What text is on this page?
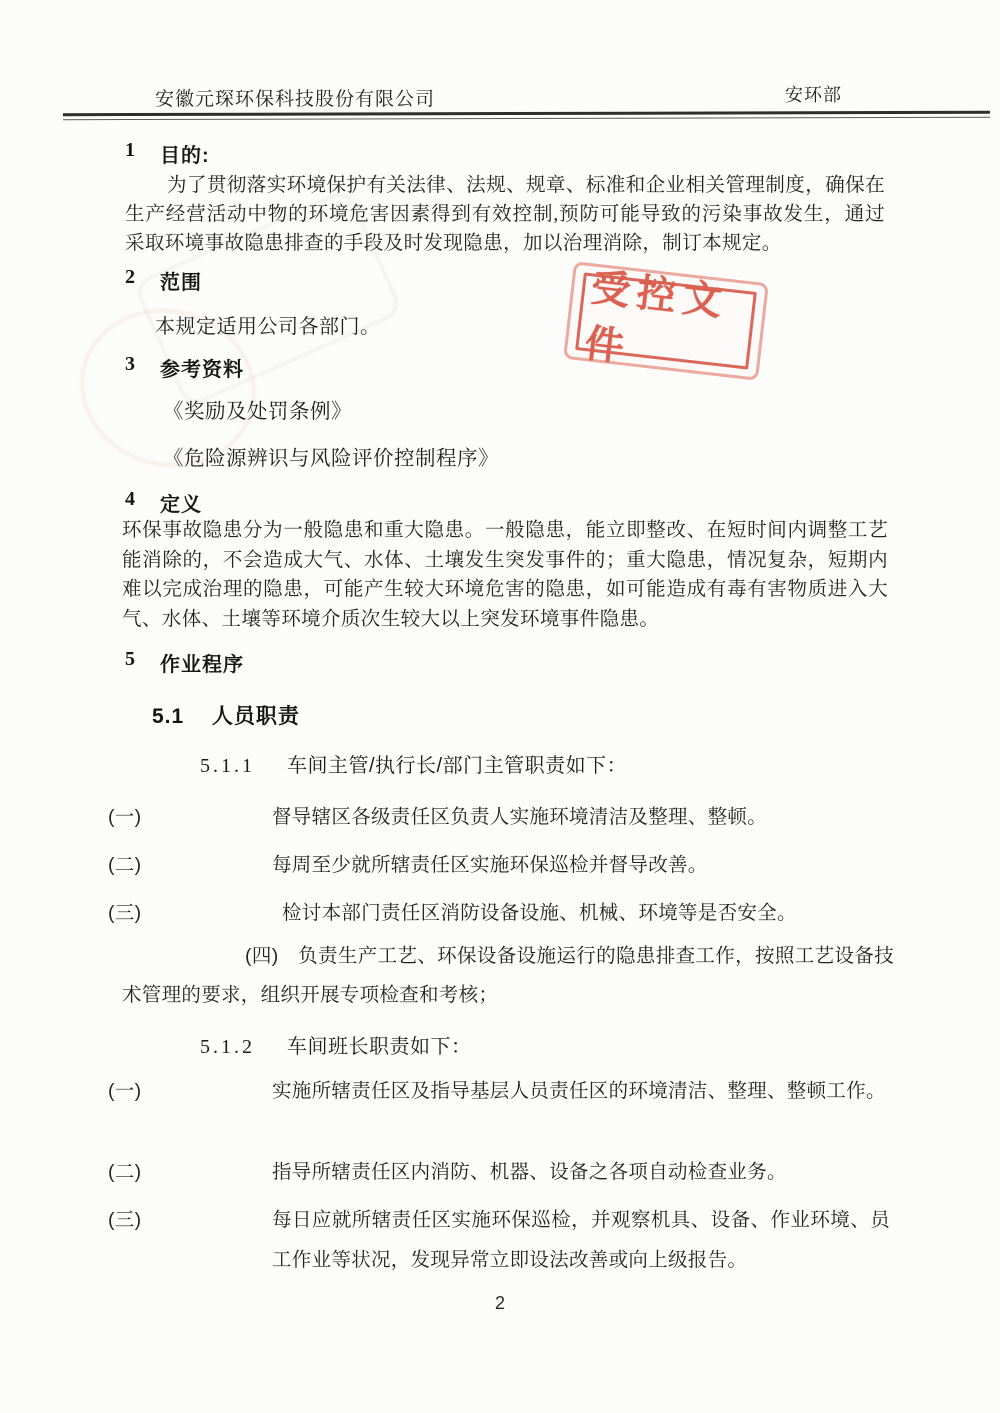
安徽元琛环保科技股份有限公司	安环部
受控文件
1	目的:
为了贯彻落实环境保护有关法律、法规、规章、标准和企业相关管理制度，确保在生产经营活动中物的环境危害因素得到有效控制,预防可能导致的污染事故发生，通过采取环境事故隐患排查的手段及时发现隐患，加以治理消除，制订本规定。
2	范围
本规定适用公司各部门。
3	参考资料
《奖励及处罚条例》
《危险源辨识与风险评价控制程序》
4	定义
环保事故隐患分为一般隐患和重大隐患。一般隐患，能立即整改、在短时间内调整工艺能消除的，不会造成大气、水体、土壤发生突发事件的；重大隐患，情况复杂，短期内难以完成治理的隐患，可能产生较大环境危害的隐患，如可能造成有毒有害物质进入大气、水体、土壤等环境介质次生较大以上突发环境事件隐患。
5	作业程序
5.1 人员职责
5.1.1 车间主管/执行长/部门主管职责如下：
(一)	督导辖区各级责任区负责人实施环境清洁及整理、整顿。
(二)	每周至少就所辖责任区实施环保巡检并督导改善。
(三)	检讨本部门责任区消防设备设施、机械、环境等是否安全。
(四) 负责生产工艺、环保设备设施运行的隐患排查工作，按照工艺设备技术管理的要求，组织开展专项检查和考核；
5.1.2 车间班长职责如下：
(一)	实施所辖责任区及指导基层人员责任区的环境清洁、整理、整顿工作。
(二)	指导所辖责任区内消防、机器、设备之各项自动检查业务。
(三)	每日应就所辖责任区实施环保巡检，并观察机具、设备、作业环境、员工作业等状况，发现异常立即设法改善或向上级报告。
2
